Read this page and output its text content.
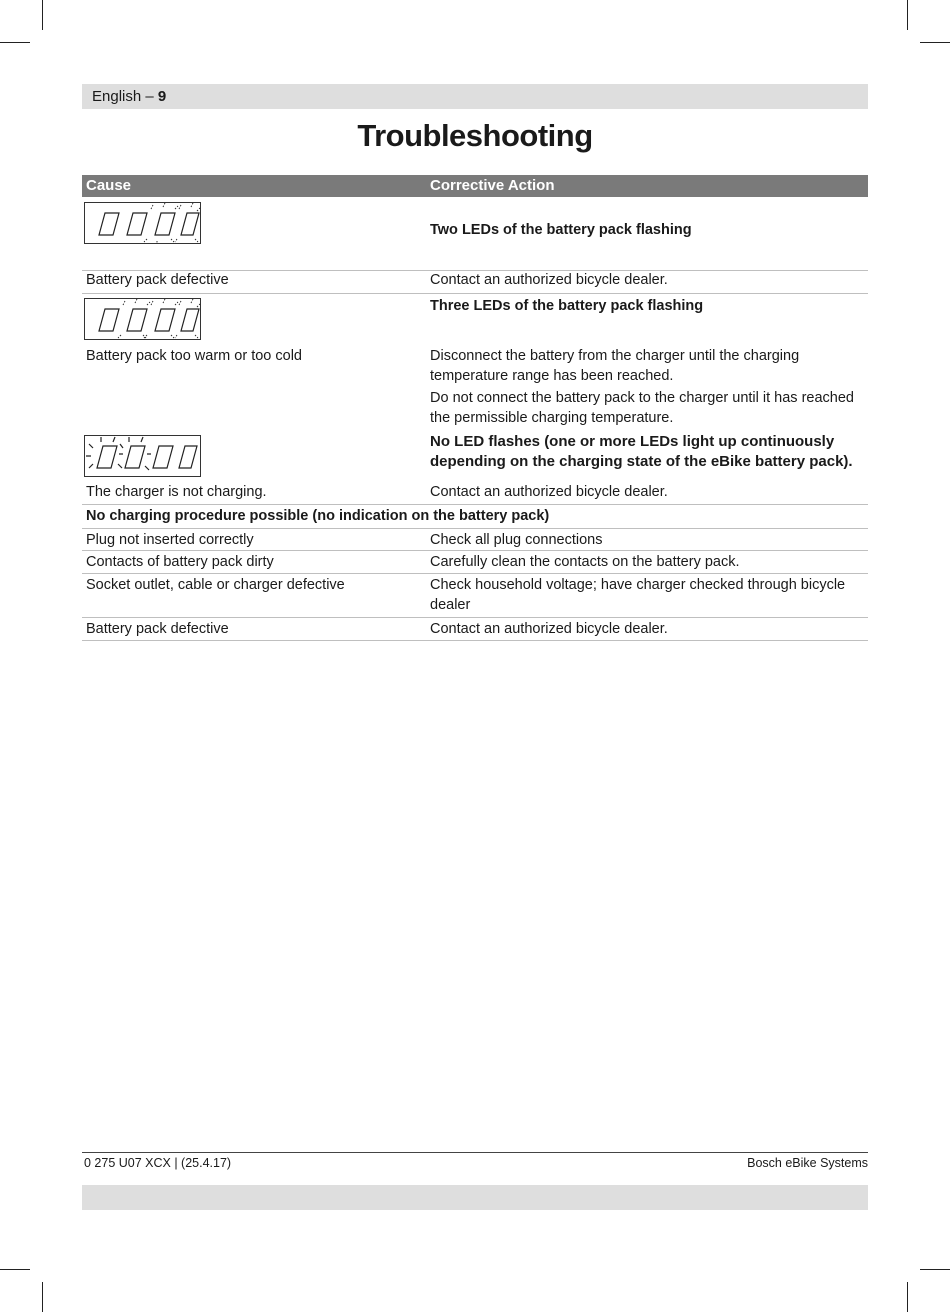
English – 9
Troubleshooting
Cause	Corrective Action
Two LEDs of the battery pack flashing
Battery pack defective	Contact an authorized bicycle dealer.
Three LEDs of the battery pack flashing
Battery pack too warm or too cold	Disconnect the battery from the charger until the charging temperature range has been reached.
Do not connect the battery pack to the charger until it has reached the permissible charging temperature.
No LED flashes (one or more LEDs light up continuously depending on the charging state of the eBike battery pack).
The charger is not charging.	Contact an authorized bicycle dealer.
No charging procedure possible (no indication on the battery pack)
Plug not inserted correctly	Check all plug connections
Contacts of battery pack dirty	Carefully clean the contacts on the battery pack.
Socket outlet, cable or charger defective	Check household voltage; have charger checked through bicycle dealer
Battery pack defective	Contact an authorized bicycle dealer.
0 275 U07 XCX | (25.4.17)	Bosch eBike Systems
